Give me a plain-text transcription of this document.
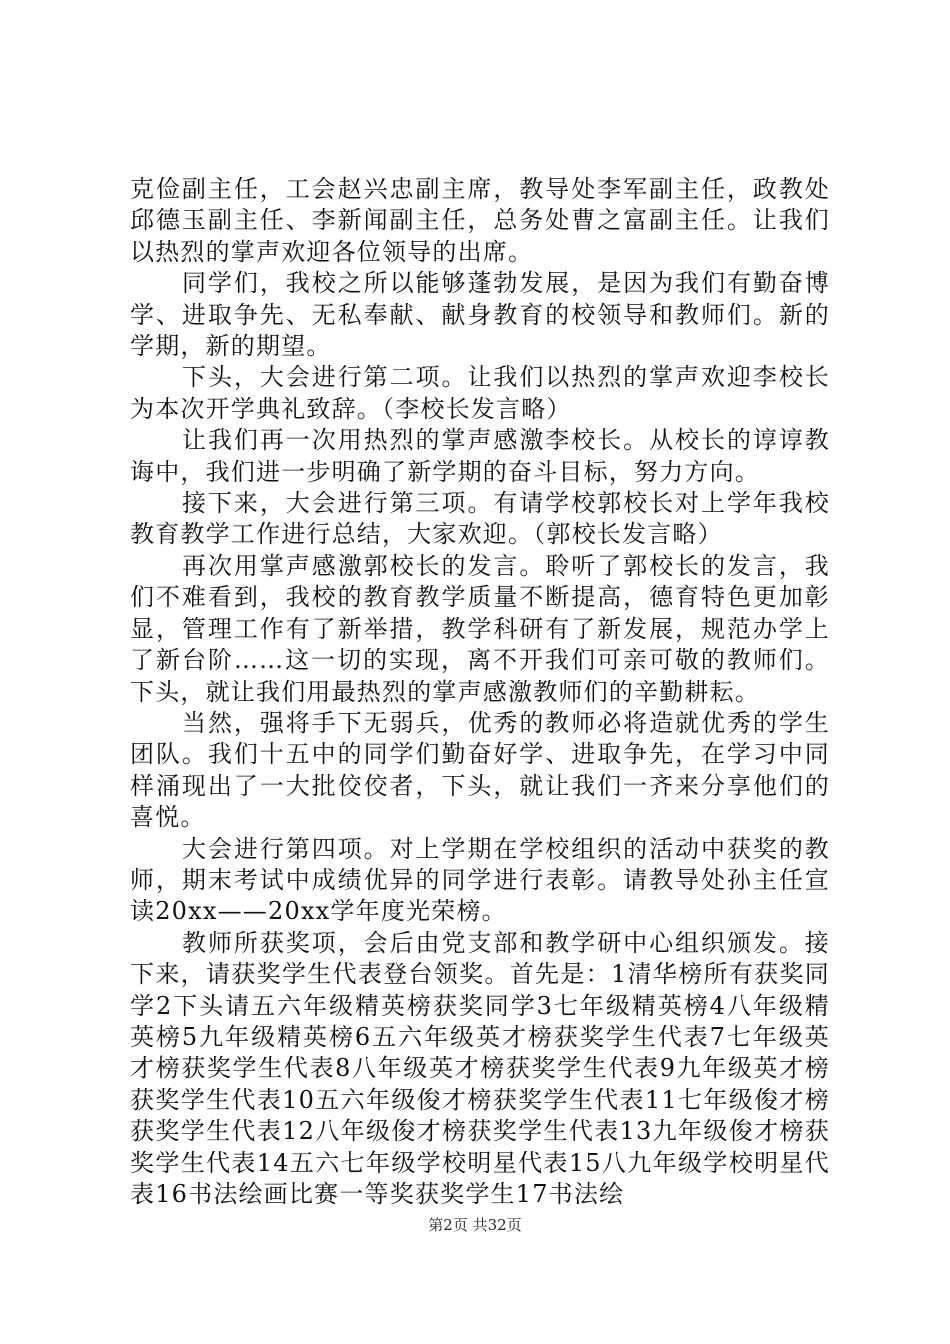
克俭副主任，工会赵兴忠副主席，教导处李军副主任，政教处邱德玉副主任、李新闻副主任，总务处曹之富副主任。让我们以热烈的掌声欢迎各位领导的出席。

同学们，我校之所以能够蓬勃发展，是因为我们有勤奋博学、进取争先、无私奉献、献身教育的校领导和教师们。新的学期，新的期望。

下头，大会进行第二项。让我们以热烈的掌声欢迎李校长为本次开学典礼致辞。（李校长发言略）

让我们再一次用热烈的掌声感激李校长。从校长的谆谆教诲中，我们进一步明确了新学期的奋斗目标，努力方向。

接下来，大会进行第三项。有请学校郭校长对上学年我校教育教学工作进行总结，大家欢迎。（郭校长发言略）

再次用掌声感激郭校长的发言。聆听了郭校长的发言，我们不难看到，我校的教育教学质量不断提高，德育特色更加彰显，管理工作有了新举措，教学科研有了新发展，规范办学上了新台阶……这一切的实现，离不开我们可亲可敬的教师们。下头，就让我们用最热烈的掌声感激教师们的辛勤耕耘。

当然，强将手下无弱兵，优秀的教师必将造就优秀的学生团队。我们十五中的同学们勤奋好学、进取争先，在学习中同样涌现出了一大批佼佼者，下头，就让我们一齐来分享他们的喜悦。

大会进行第四项。对上学期在学校组织的活动中获奖的教师，期末考试中成绩优异的同学进行表彰。请教导处孙主任宣读20xx——20xx学年度光荣榜。

教师所获奖项，会后由党支部和教学研中心组织颁发。接下来，请获奖学生代表登台领奖。首先是：1清华榜所有获奖同学2下头请五六年级精英榜获奖同学3七年级精英榜4八年级精英榜5九年级精英榜6五六年级英才榜获奖学生代表7七年级英才榜获奖学生代表8八年级英才榜获奖学生代表9九年级英才榜获奖学生代表10五六年级俊才榜获奖学生代表11七年级俊才榜获奖学生代表12八年级俊才榜获奖学生代表13九年级俊才榜获奖学生代表14五六七年级学校明星代表15八九年级学校明星代表16书法绘画比赛一等奖获奖学生17书法绘

第2页 共32页
